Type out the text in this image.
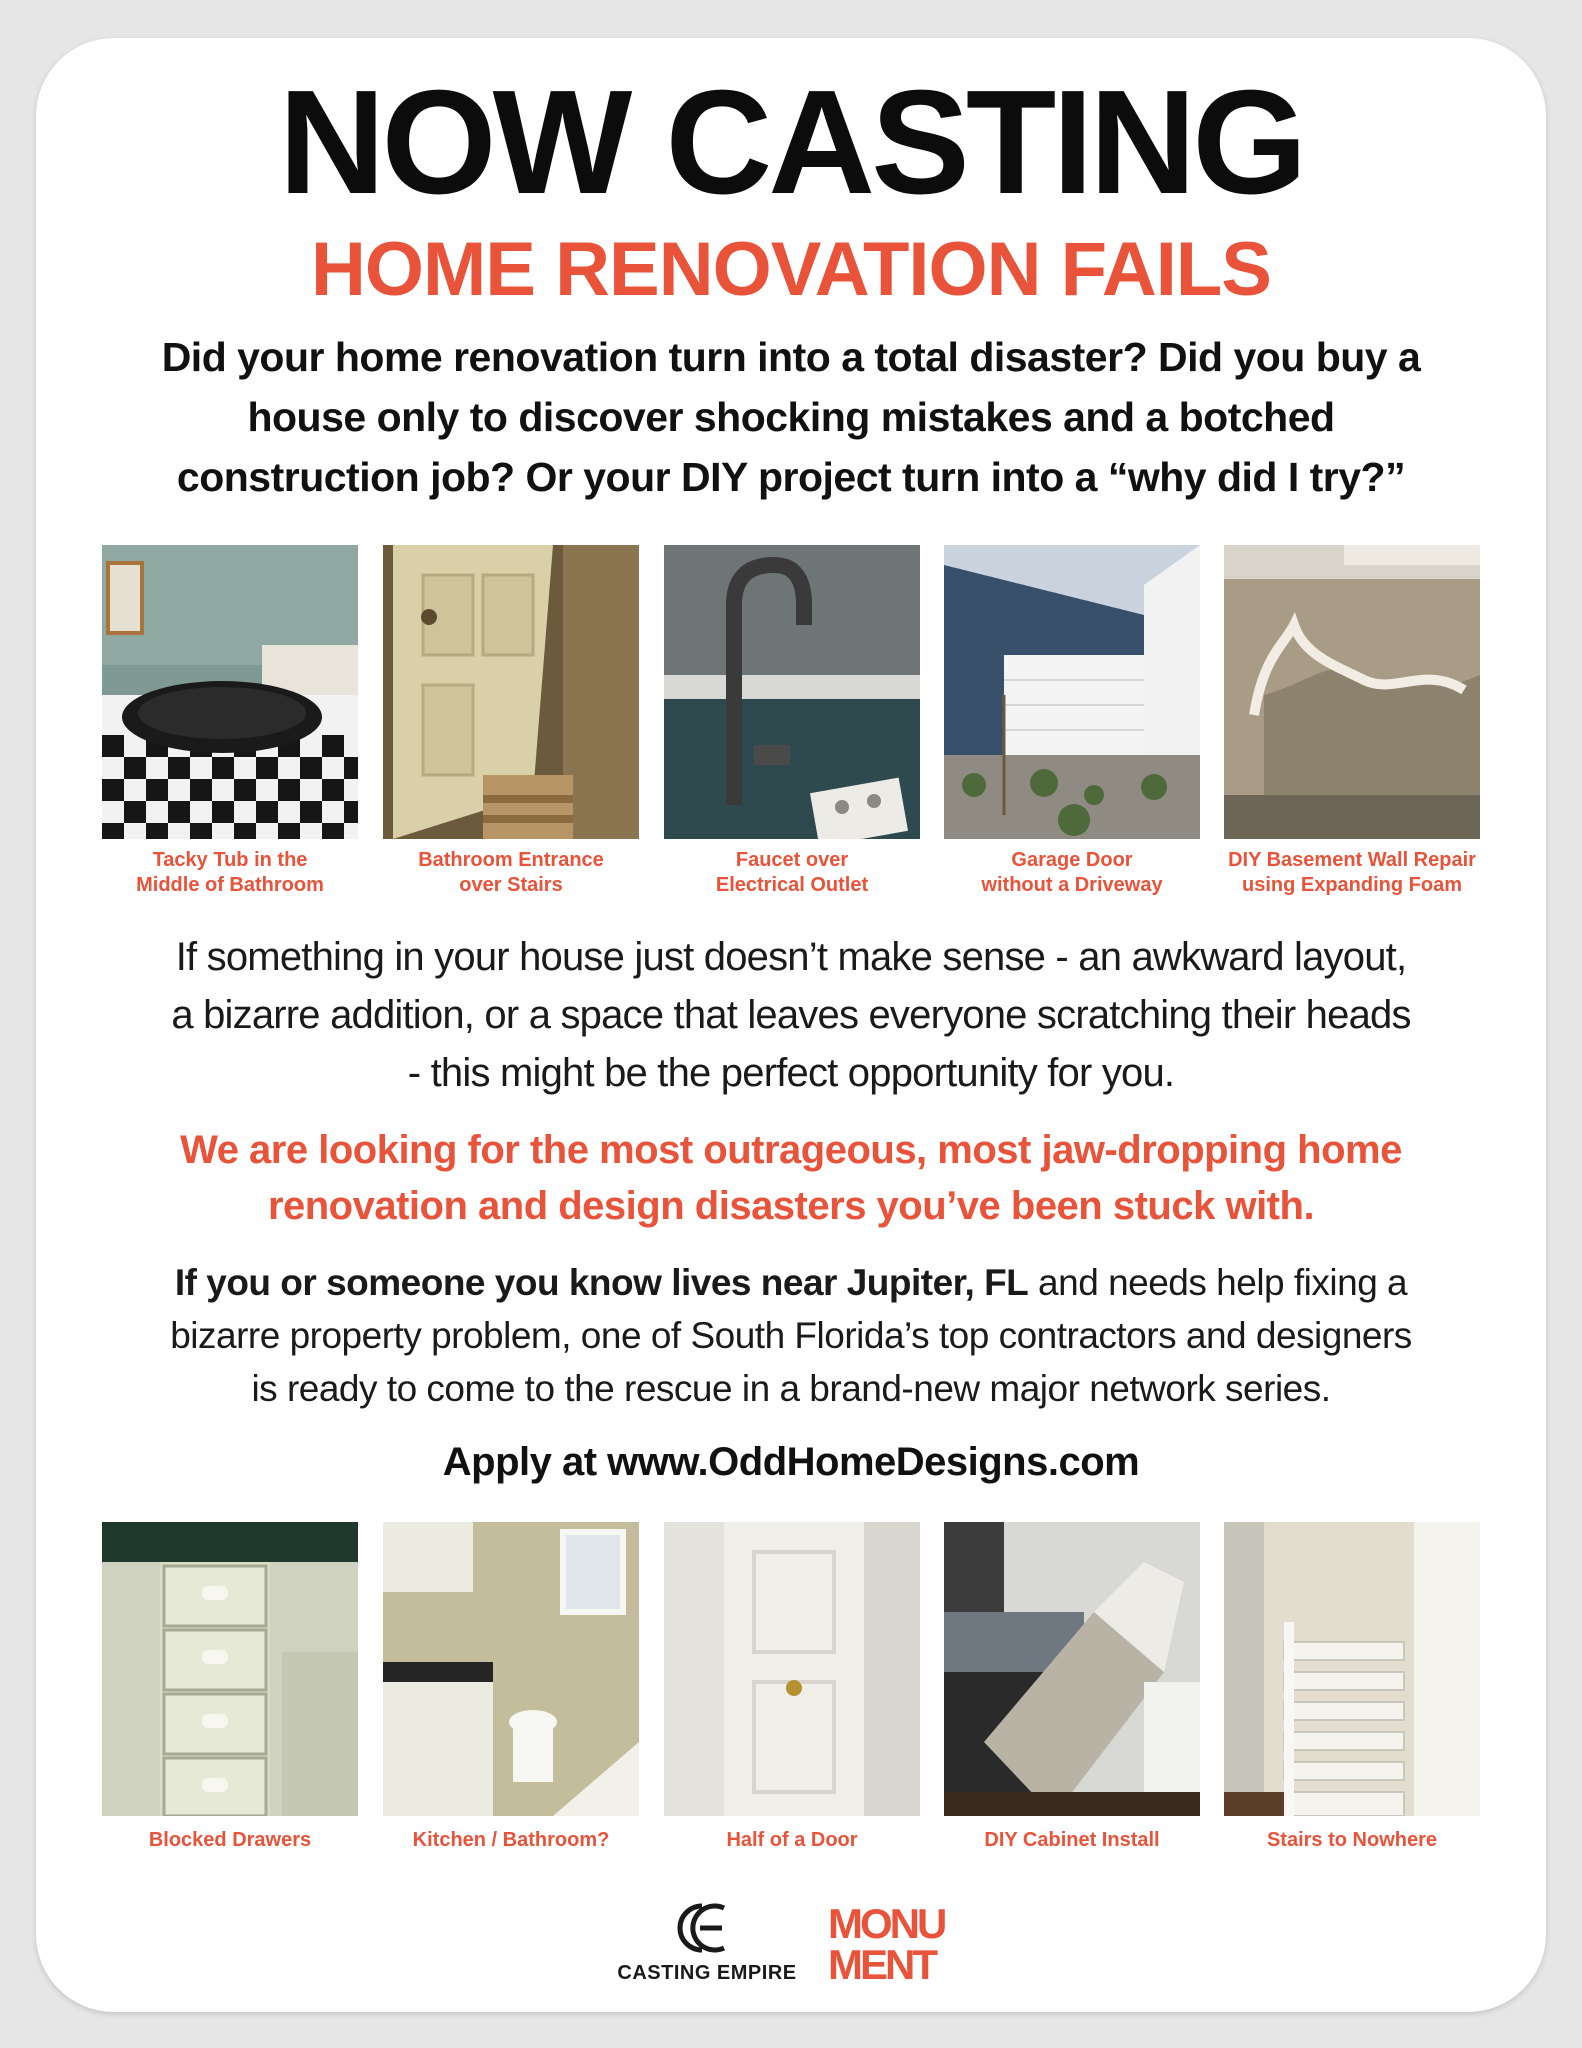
NOW CASTING
HOME RENOVATION FAILS
Did your home renovation turn into a total disaster? Did you buy a house only to discover shocking mistakes and a botched construction job? Or your DIY project turn into a “why did I try?”
Tacky Tub in the
Middle of Bathroom
Bathroom Entrance
over Stairs
Faucet over
Electrical Outlet
Garage Door
without a Driveway
DIY Basement Wall Repair
using Expanding Foam
If something in your house just doesn’t make sense - an awkward layout, a bizarre addition, or a space that leaves everyone scratching their heads - this might be the perfect opportunity for you.
We are looking for the most outrageous, most jaw-dropping home renovation and design disasters you’ve been stuck with.
If you or someone you know lives near Jupiter, FL and needs help fixing a bizarre property problem, one of South Florida’s top contractors and designers is ready to come to the rescue in a brand-new major network series.
Apply at www.OddHomeDesigns.com
Blocked Drawers	Kitchen / Bathroom?	Half of a Door	DIY Cabinet Install	Stairs to Nowhere
CASTING EMPIRE
MONU
MENT
